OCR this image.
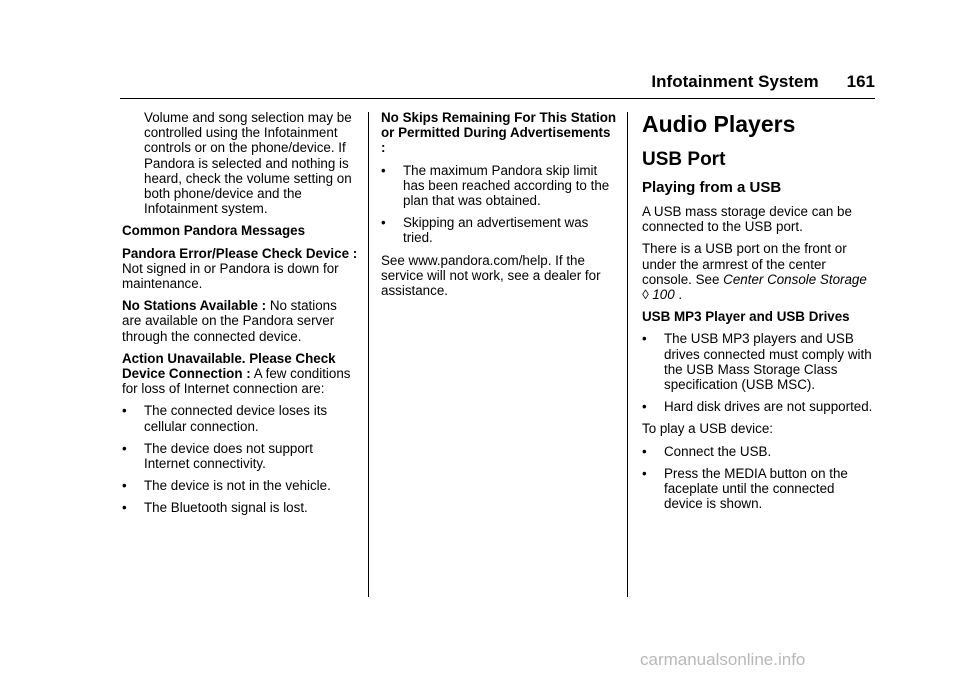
Infotainment System 161

Volume and song selection may be controlled using the Infotainment controls or on the phone/device. If Pandora is selected and nothing is heard, check the volume setting on both phone/device and the Infotainment system.

Common Pandora Messages

Pandora Error/Please Check Device : Not signed in or Pandora is down for maintenance.

No Stations Available : No stations are available on the Pandora server through the connected device.

Action Unavailable. Please Check Device Connection : A few conditions for loss of Internet connection are:

•	The connected device loses its cellular connection.
•	The device does not support Internet connectivity.
•	The device is not in the vehicle.
•	The Bluetooth signal is lost.

No Skips Remaining For This Station or Permitted During Advertisements :

•	The maximum Pandora skip limit has been reached according to the plan that was obtained.
•	Skipping an advertisement was tried.

See www.pandora.com/help. If the service will not work, see a dealer for assistance.

Audio Players
USB Port
Playing from a USB

A USB mass storage device can be connected to the USB port.

There is a USB port on the front or under the armrest of the center console. See Center Console Storage ◊ 100 .

USB MP3 Player and USB Drives

•	The USB MP3 players and USB drives connected must comply with the USB Mass Storage Class specification (USB MSC).
•	Hard disk drives are not supported.

To play a USB device:

•	Connect the USB.
•	Press the MEDIA button on the faceplate until the connected device is shown.
carmanualsonline.info
